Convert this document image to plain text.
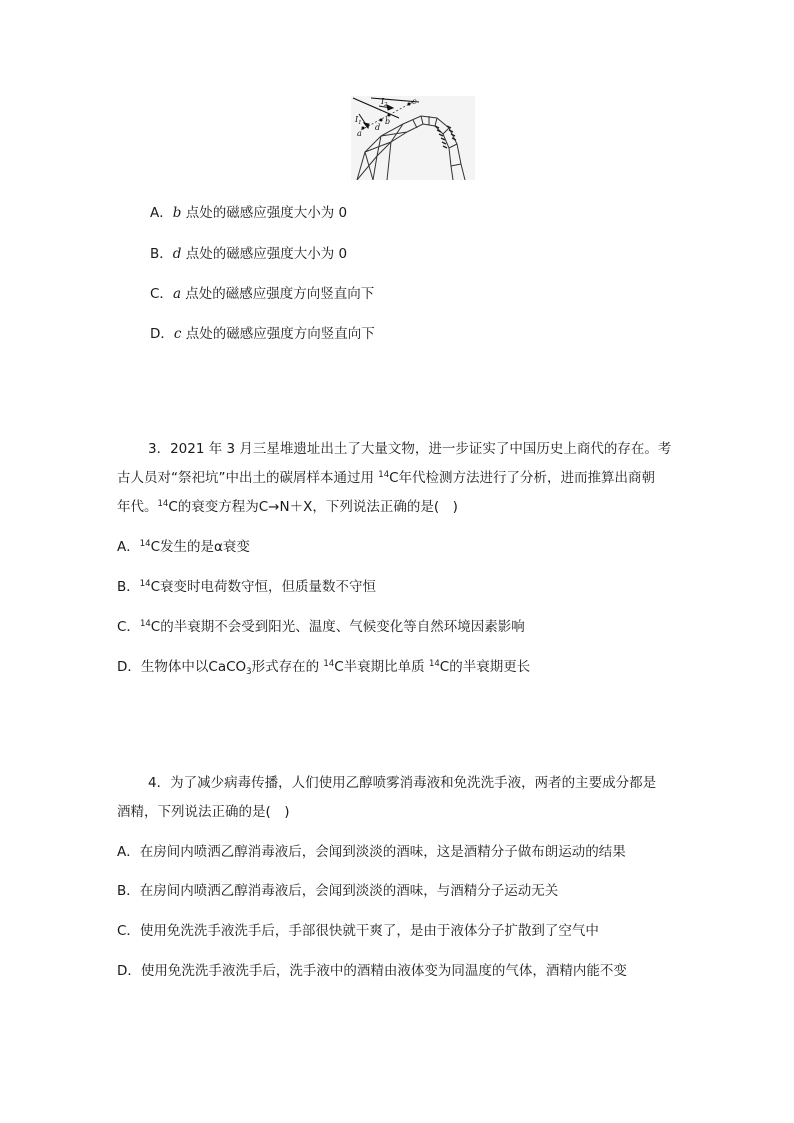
$I_1$
$I_2$
a
b
c
d
A．b 点处的磁感应强度大小为 0
B．d 点处的磁感应强度大小为 0
C．a 点处的磁感应强度方向竖直向下
D．c 点处的磁感应强度方向竖直向下
3．2021 年 3 月三星堆遗址出土了大量文物，进一步证实了中国历史上商代的存在。考
古人员对“祭祀坑”中出土的碳屑样本通过用 $^{14}$C年代检测方法进行了分析，进而推算出商朝
年代。$^{14}$C的衰变方程为C→N＋X，下列说法正确的是(　)
A．$^{14}$C发生的是α衰变
B．$^{14}$C衰变时电荷数守恒，但质量数不守恒
C．$^{14}$C的半衰期不会受到阳光、温度、气候变化等自然环境因素影响
D．生物体中以CaCO$_3$形式存在的 $^{14}$C半衰期比单质 $^{14}$C的半衰期更长
4．为了减少病毒传播，人们使用乙醇喷雾消毒液和免洗洗手液，两者的主要成分都是
酒精，下列说法正确的是(　)
A．在房间内喷洒乙醇消毒液后，会闻到淡淡的酒味，这是酒精分子做布朗运动的结果
B．在房间内喷洒乙醇消毒液后，会闻到淡淡的酒味，与酒精分子运动无关
C．使用免洗洗手液洗手后，手部很快就干爽了，是由于液体分子扩散到了空气中
D．使用免洗洗手液洗手后，洗手液中的酒精由液体变为同温度的气体，酒精内能不变
